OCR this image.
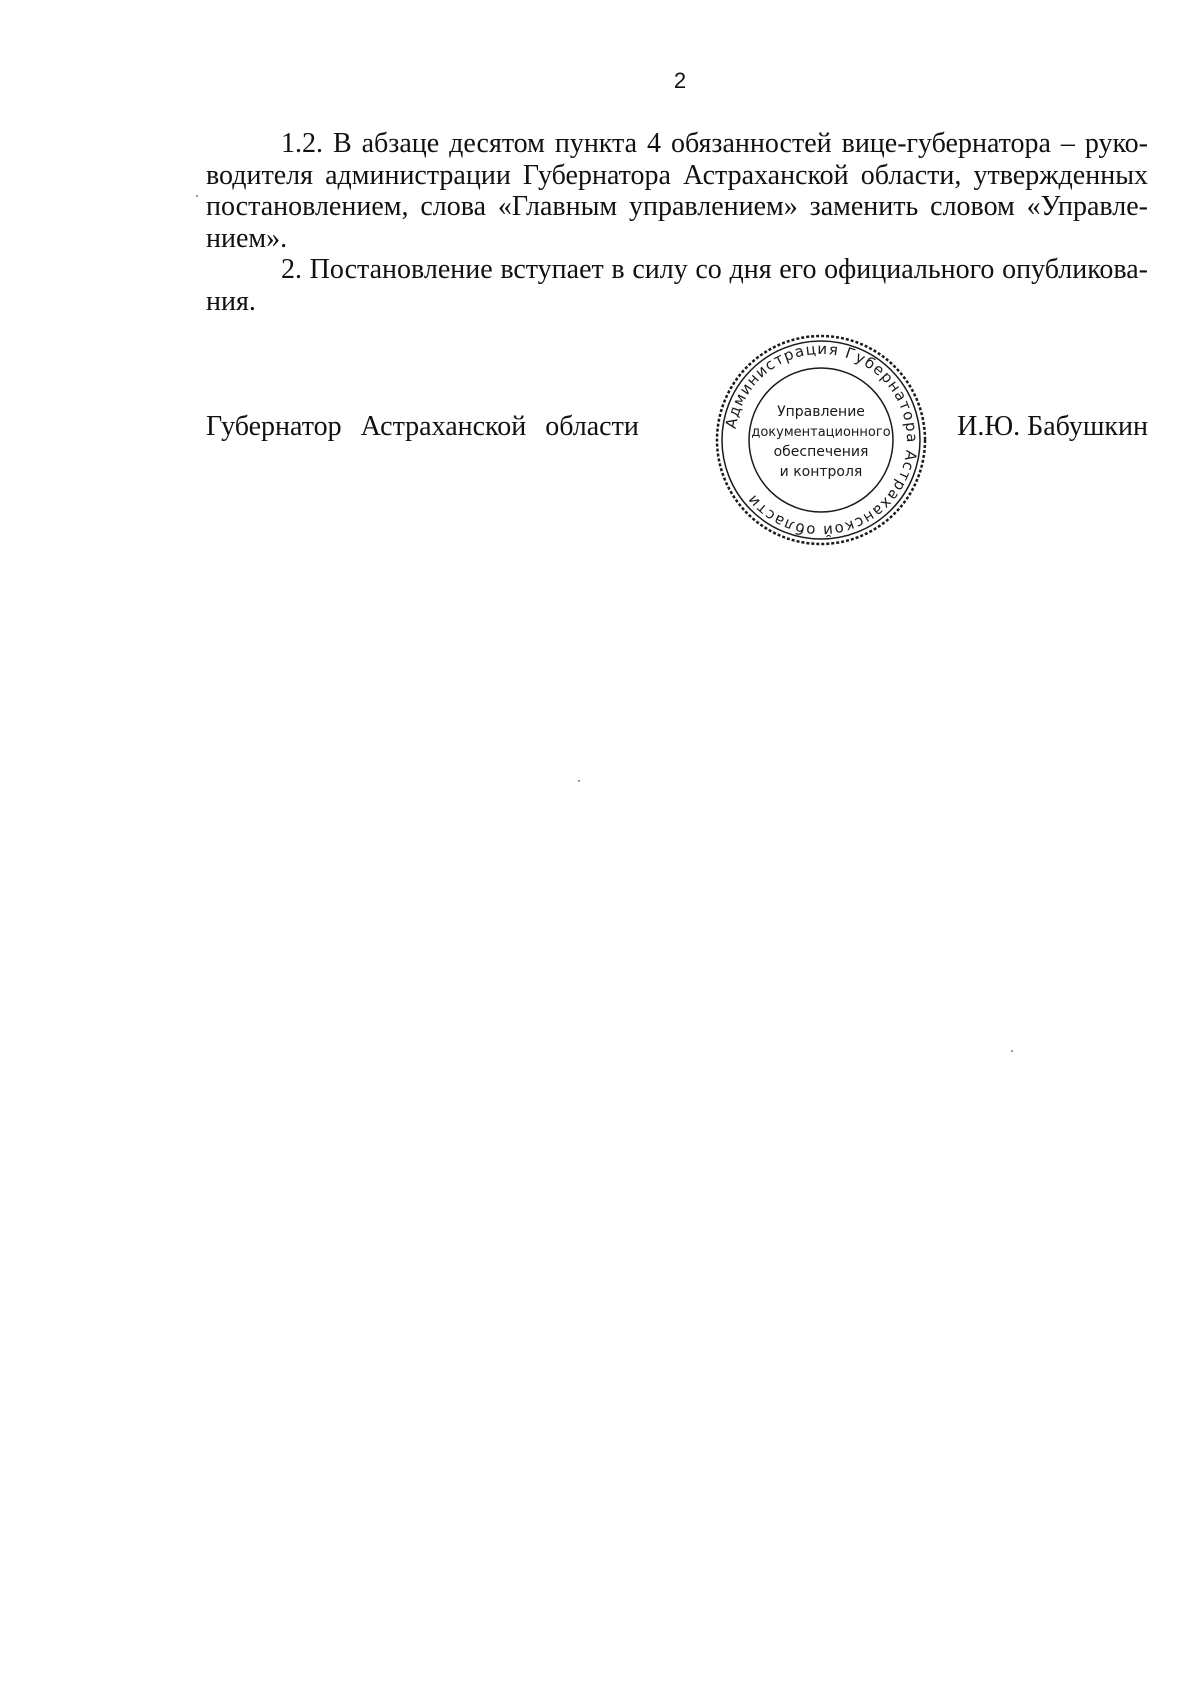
2

1.2. В абзаце десятом пункта 4 обязанностей вице-губернатора – руко-
водителя администрации Губернатора Астраханской области, утвержденных
постановлением, слова «Главным управлением» заменить словом «Управле-
нием».

2. Постановление вступает в силу со дня его официального опубликова-
ния.

Губернатор Астраханской области	И.Ю. Бабушкин
Администрация Губернатора Астраханской области
Управление
документационного
обеспечения
и контроля
